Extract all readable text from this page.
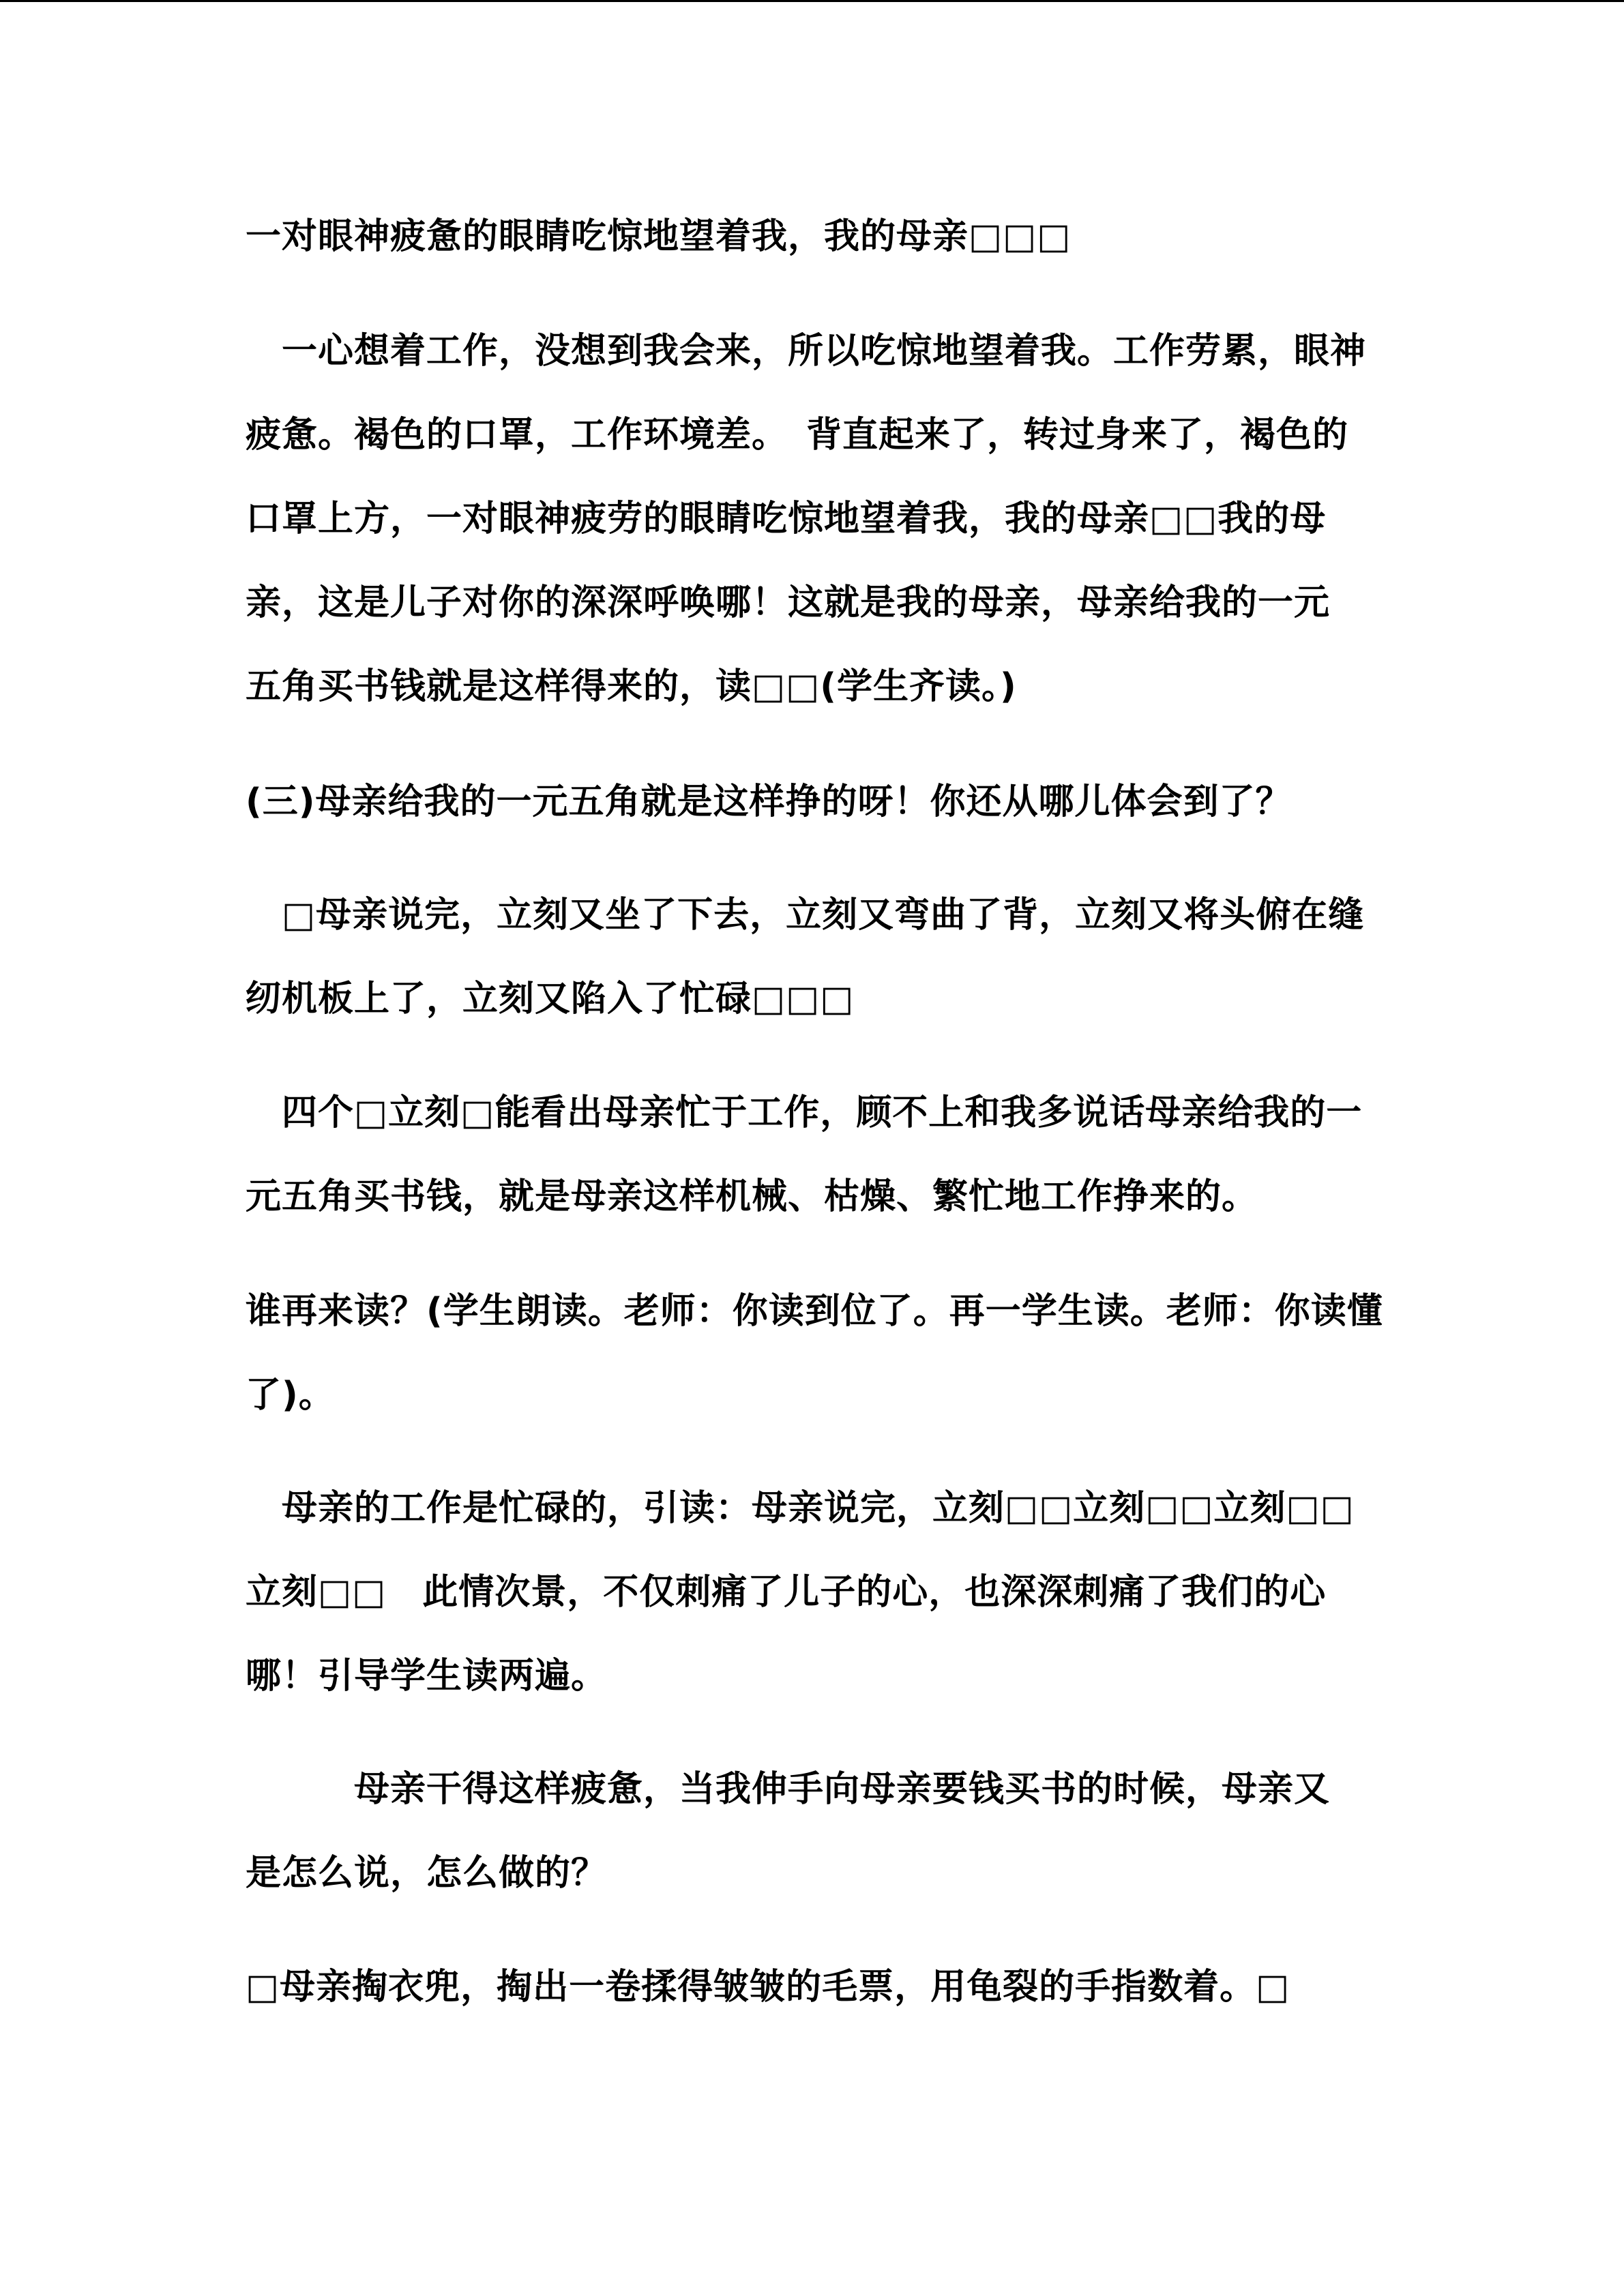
一对眼神疲惫的眼睛吃惊地望着我，我的母亲□□□

　一心想着工作，没想到我会来，所以吃惊地望着我。工作劳累，眼神

疲惫。褐色的口罩，工作环境差。　背直起来了，转过身来了，褐色的

口罩上方，一对眼神疲劳的眼睛吃惊地望着我，我的母亲□□我的母

亲，这是儿子对你的深深呼唤哪！这就是我的母亲，母亲给我的一元

五角买书钱就是这样得来的，读□□(学生齐读。)

(三)母亲给我的一元五角就是这样挣的呀！你还从哪儿体会到了？

　□母亲说完，立刻又坐了下去，立刻又弯曲了背，立刻又将头俯在缝

纫机板上了，立刻又陷入了忙碌□□□

　四个□立刻□能看出母亲忙于工作，顾不上和我多说话母亲给我的一

元五角买书钱，就是母亲这样机械、枯燥、繁忙地工作挣来的。

谁再来读？(学生朗读。老师：你读到位了。再一学生读。老师：你读懂

了)。

　母亲的工作是忙碌的，引读：母亲说完，立刻□□立刻□□立刻□□

立刻□□　此情次景，不仅刺痛了儿子的心，也深深刺痛了我们的心

哪！引导学生读两遍。

　　　母亲干得这样疲惫，当我伸手向母亲要钱买书的时候，母亲又

是怎么说，怎么做的？

□母亲掏衣兜，掏出一卷揉得皱皱的毛票，用龟裂的手指数着。□
